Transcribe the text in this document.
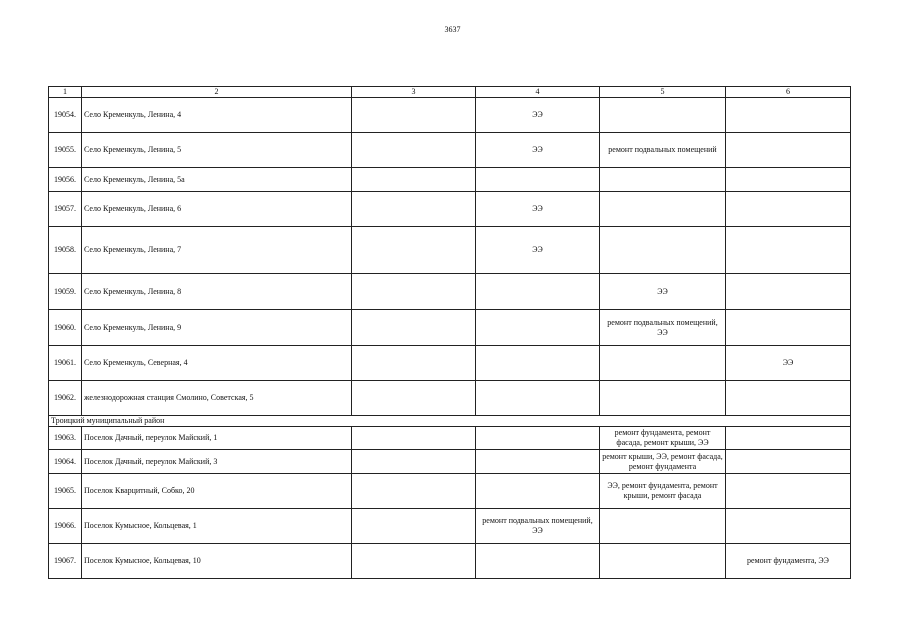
3637
1	2	3	4	5	6
19054.	Село Кременкуль, Ленина, 4		ЭЭ		
19055.	Село Кременкуль, Ленина, 5		ЭЭ	ремонт подвальных помещений	
19056.	Село Кременкуль, Ленина, 5а				
19057.	Село Кременкуль, Ленина, 6		ЭЭ		
19058.	Село Кременкуль, Ленина, 7		ЭЭ		
19059.	Село Кременкуль, Ленина, 8			ЭЭ	
19060.	Село Кременкуль, Ленина, 9			ремонт подвальных помещений, ЭЭ	
19061.	Село Кременкуль, Северная, 4				ЭЭ
19062.	железнодорожная станция Смолино, Советская, 5				
Троицкий муниципальный район					
19063.	Поселок Дачный, переулок Майский, 1			ремонт фундамента, ремонт фасада, ремонт крыши, ЭЭ	
19064.	Поселок Дачный, переулок Майский, 3			ремонт крыши, ЭЭ, ремонт фасада, ремонт фундамента	
19065.	Поселок Кварцитный, Собко, 20			ЭЭ, ремонт фундамента, ремонт крыши, ремонт фасада	
19066.	Поселок Кумысное, Кольцевая, 1		ремонт подвальных помещений, ЭЭ		
19067.	Поселок Кумысное, Кольцевая, 10				ремонт фундамента, ЭЭ
